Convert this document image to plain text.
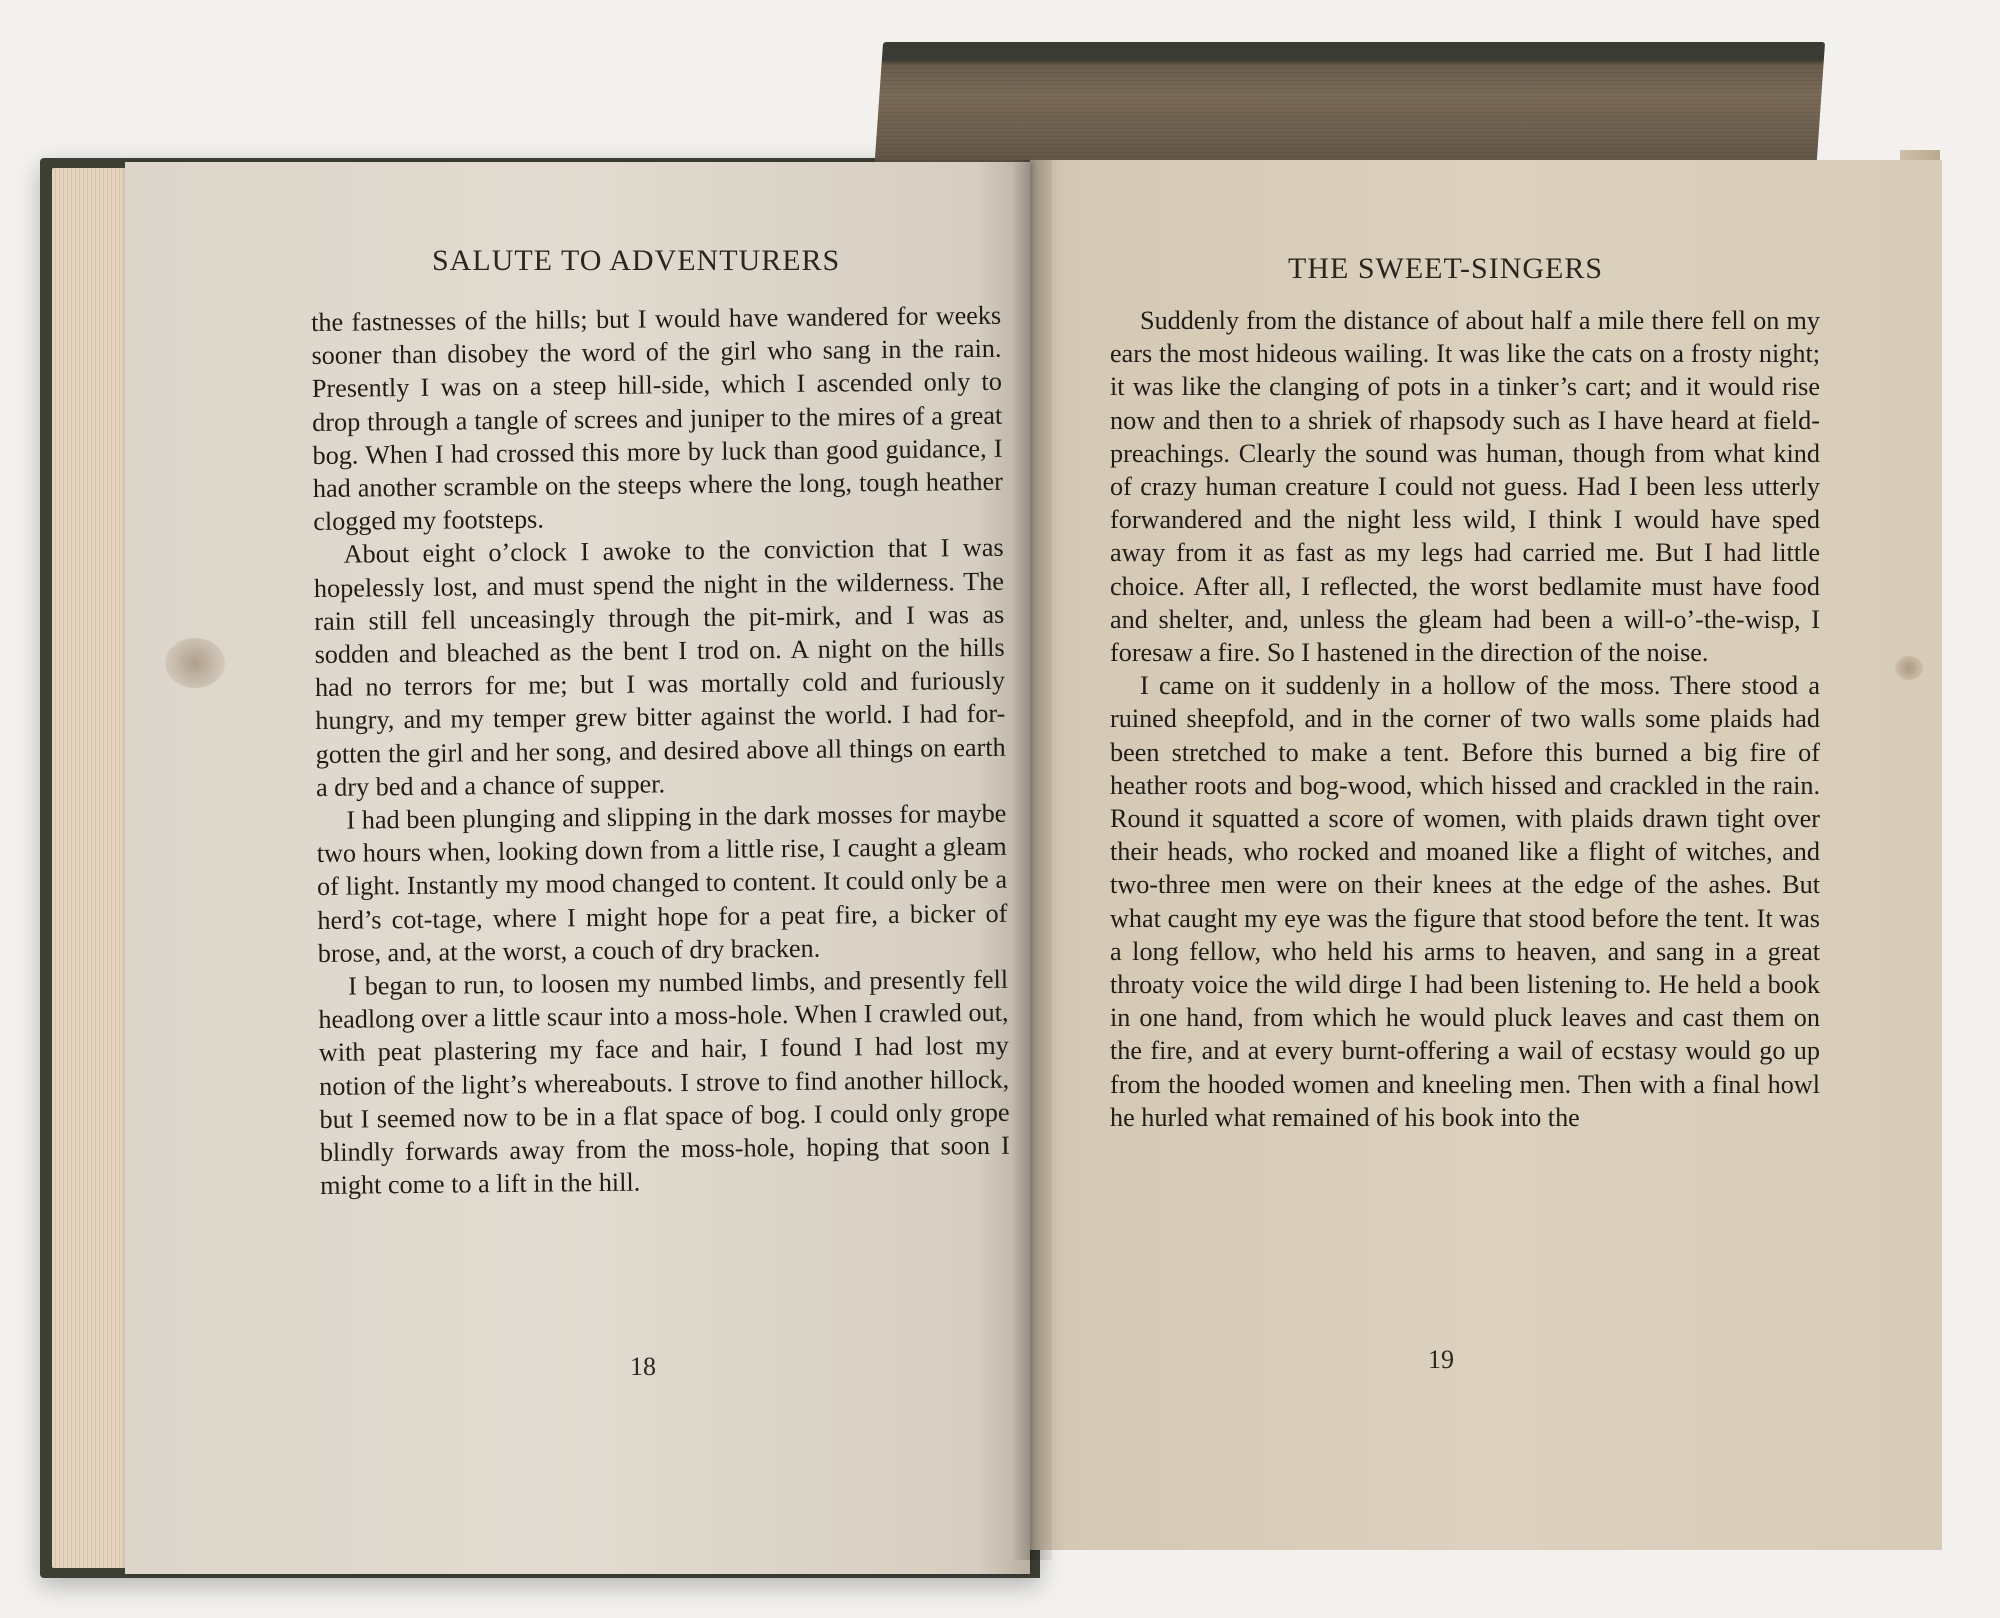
THE SWEET-SINGERS

Suddenly from the distance of about half a mile there fell on my ears the most hideous wailing. It was like the cats on a frosty night; it was like the clanging of pots in a tinker’s cart; and it would rise now and then to a shriek of rhapsody such as I have heard at field-preachings. Clearly the sound was human, though from what kind of crazy human creature I could not guess. Had I been less utterly forwandered and the night less wild, I think I would have sped away from it as fast as my legs had carried me. But I had little choice. After all, I reflected, the worst bedlamite must have food and shelter, and, unless the gleam had been a will-o’-the-wisp, I foresaw a fire. So I hastened in the direction of the noise.

I came on it suddenly in a hollow of the moss. There stood a ruined sheepfold, and in the corner of two walls some plaids had been stretched to make a tent. Before this burned a big fire of heather roots and bog-wood, which hissed and crackled in the rain. Round it squatted a score of women, with plaids drawn tight over their heads, who rocked and moaned like a flight of witches, and two-three men were on their knees at the edge of the ashes. But what caught my eye was the figure that stood before the tent. It was a long fellow, who held his arms to heaven, and sang in a great throaty voice the wild dirge I had been listening to. He held a book in one hand, from which he would pluck leaves and cast them on the fire, and at every burnt-offering a wail of ecstasy would go up from the hooded women and kneeling men. Then with a final howl he hurled what remained of his book into the

19
SALUTE TO ADVENTURERS

the fastnesses of the hills; but I would have wandered for weeks sooner than disobey the word of the girl who sang in the rain. Presently I was on a steep hill-side, which I ascended only to drop through a tangle of screes and juniper to the mires of a great bog. When I had crossed this more by luck than good guidance, I had another scramble on the steeps where the long, tough heather clogged my footsteps.

About eight o’clock I awoke to the conviction that I was hopelessly lost, and must spend the night in the wilderness. The rain still fell unceasingly through the pit-mirk, and I was as sodden and bleached as the bent I trod on. A night on the hills had no terrors for me; but I was mortally cold and furiously hungry, and my temper grew bitter against the world. I had for-gotten the girl and her song, and desired above all things on earth a dry bed and a chance of supper.

I had been plunging and slipping in the dark mosses for maybe two hours when, looking down from a little rise, I caught a gleam of light. Instantly my mood changed to content. It could only be a herd’s cot-tage, where I might hope for a peat fire, a bicker of brose, and, at the worst, a couch of dry bracken.

I began to run, to loosen my numbed limbs, and presently fell headlong over a little scaur into a moss-hole. When I crawled out, with peat plastering my face and hair, I found I had lost my notion of the light’s whereabouts. I strove to find another hillock, but I seemed now to be in a flat space of bog. I could only grope blindly forwards away from the moss-hole, hoping that soon I might come to a lift in the hill.

18
